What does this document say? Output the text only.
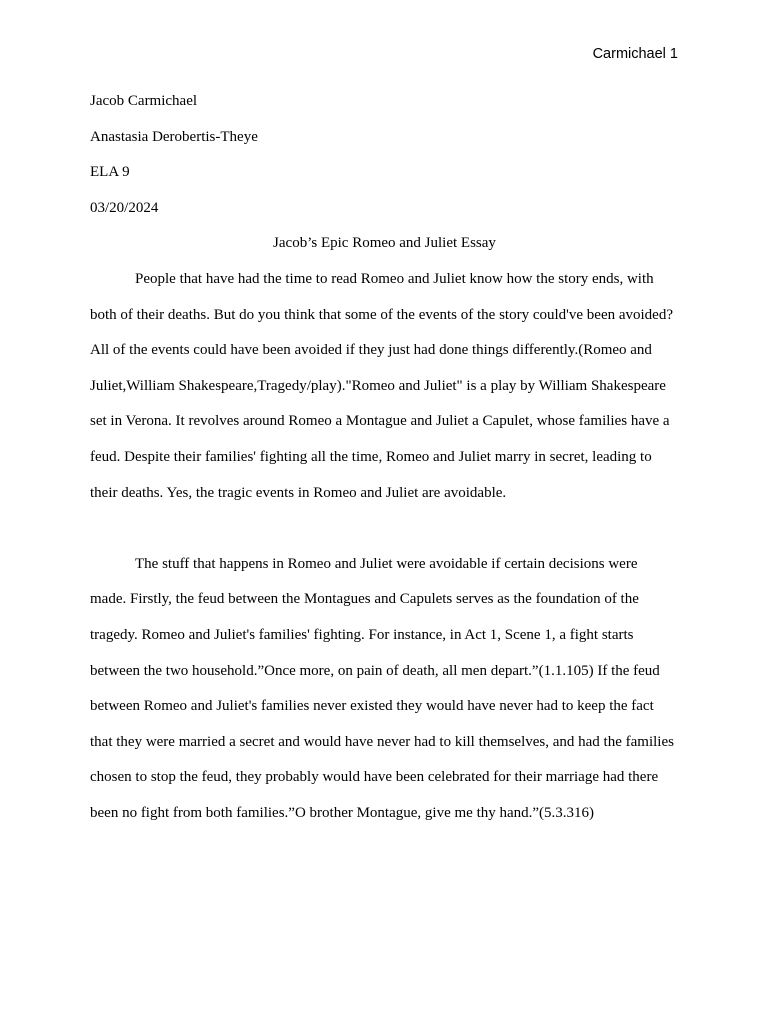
Carmichael 1
Jacob Carmichael
Anastasia Derobertis-Theye
ELA 9
03/20/2024
Jacob’s Epic Romeo and Juliet Essay
People that have had the time to read Romeo and Juliet know how the story ends, with
both of their deaths. But do you think that some of the events of the story could've been avoided?
All of the events could have been avoided if they just had done things differently.(Romeo and
Juliet,William Shakespeare,Tragedy/play)."Romeo and Juliet" is a play by William Shakespeare
set in Verona. It revolves around Romeo a Montague and Juliet a Capulet, whose families have a
feud. Despite their families' fighting all the time, Romeo and Juliet marry in secret, leading to
their deaths. Yes, the tragic events in Romeo and Juliet are avoidable.
The stuff that happens in Romeo and Juliet were avoidable if certain decisions were
made. Firstly, the feud between the Montagues and Capulets serves as the foundation of the
tragedy. Romeo and Juliet's families' fighting. For instance, in Act 1, Scene 1, a fight starts
between the two household.”Once more, on pain of death, all men depart.”(1.1.105) If the feud
between Romeo and Juliet's families never existed they would have never had to keep the fact
that they were married a secret and would have never had to kill themselves, and had the families
chosen to stop the feud, they probably would have been celebrated for their marriage had there
been no fight from both families.”O brother Montague, give me thy hand.”(5.3.316)
